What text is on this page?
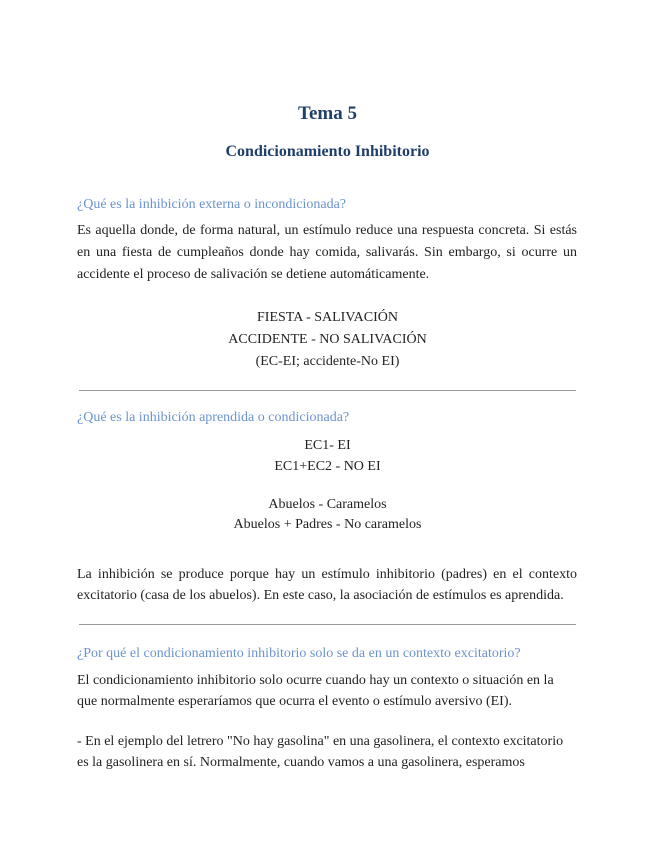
Tema 5
Condicionamiento Inhibitorio
¿Qué es la inhibición externa o incondicionada?
Es aquella donde, de forma natural, un estímulo reduce una respuesta concreta. Si estás
en una fiesta de cumpleaños donde hay comida, salivarás. Sin embargo, si ocurre un
accidente el proceso de salivación se detiene automáticamente.
FIESTA - SALIVACIÓN
ACCIDENTE - NO SALIVACIÓN
(EC-EI; accidente-No EI)
¿Qué es la inhibición aprendida o condicionada?
EC1- EI
EC1+EC2 - NO EI
Abuelos - Caramelos
Abuelos + Padres - No caramelos
La inhibición se produce porque hay un estímulo inhibitorio (padres) en el contexto
excitatorio (casa de los abuelos). En este caso, la asociación de estímulos es aprendida.
¿Por qué el condicionamiento inhibitorio solo se da en un contexto excitatorio?
El condicionamiento inhibitorio solo ocurre cuando hay un contexto o situación en la
que normalmente esperaríamos que ocurra el evento o estímulo aversivo (EI).
- En el ejemplo del letrero "No hay gasolina" en una gasolinera, el contexto excitatorio
es la gasolinera en sí. Normalmente, cuando vamos a una gasolinera, esperamos
